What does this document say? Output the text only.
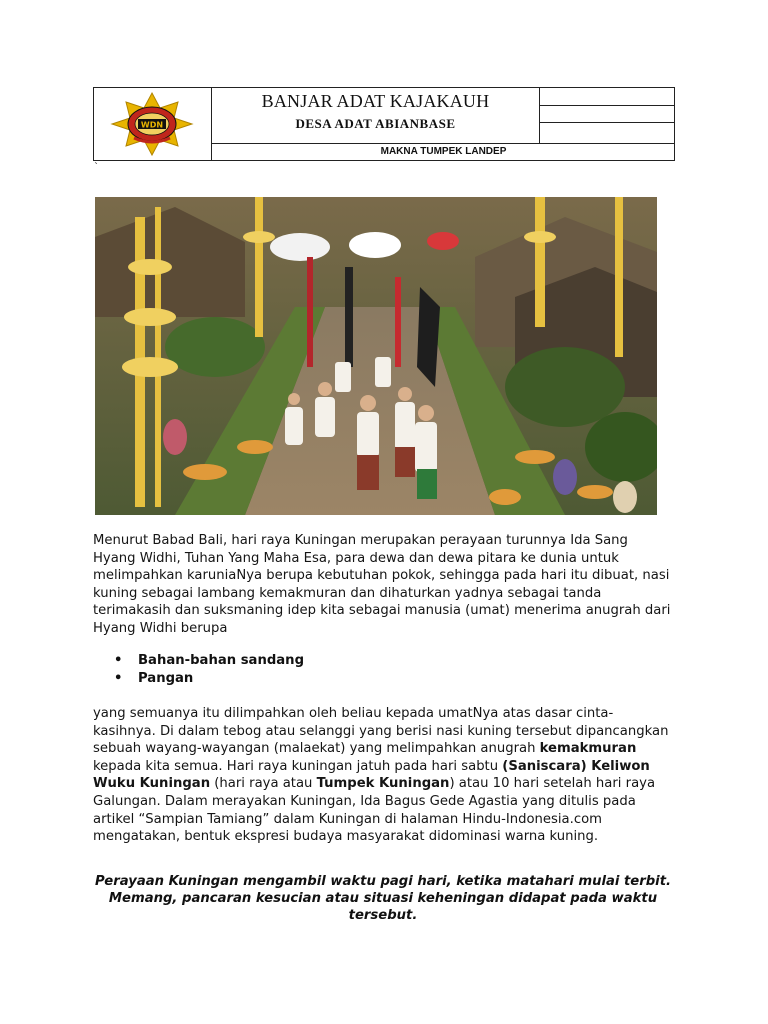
WDN
BANJAR ADAT KAJAKAUH
DESA ADAT ABIANBASE
MAKNA TUMPEK LANDEP
`
Menurut Babad Bali, hari raya Kuningan merupakan perayaan turunnya Ida Sang Hyang Widhi, Tuhan Yang Maha Esa, para dewa dan dewa pitara ke dunia untuk melimpahkan karuniaNya berupa kebutuhan pokok, sehingga pada hari itu dibuat, nasi kuning sebagai lambang kemakmuran dan dihaturkan yadnya sebagai tanda terimakasih dan suksmaning idep kita sebagai manusia (umat) menerima anugrah dari Hyang Widhi berupa
• Bahan-bahan sandang
• Pangan
yang semuanya itu dilimpahkan oleh beliau kepada umatNya atas dasar cinta-kasihnya. Di dalam tebog atau selanggi yang berisi nasi kuning tersebut dipancangkan sebuah wayang-wayangan (malaekat) yang melimpahkan anugrah kemakmuran kepada kita semua. Hari raya kuningan jatuh pada hari sabtu (Saniscara) Keliwon Wuku Kuningan (hari raya atau Tumpek Kuningan) atau 10 hari setelah hari raya Galungan. Dalam merayakan Kuningan, Ida Bagus Gede Agastia yang ditulis pada artikel “Sampian Tamiang” dalam Kuningan di halaman Hindu-Indonesia.com mengatakan, bentuk ekspresi budaya masyarakat didominasi warna kuning.
Perayaan Kuningan mengambil waktu pagi hari, ketika matahari mulai terbit. Memang, pancaran kesucian atau situasi keheningan didapat pada waktu tersebut.
